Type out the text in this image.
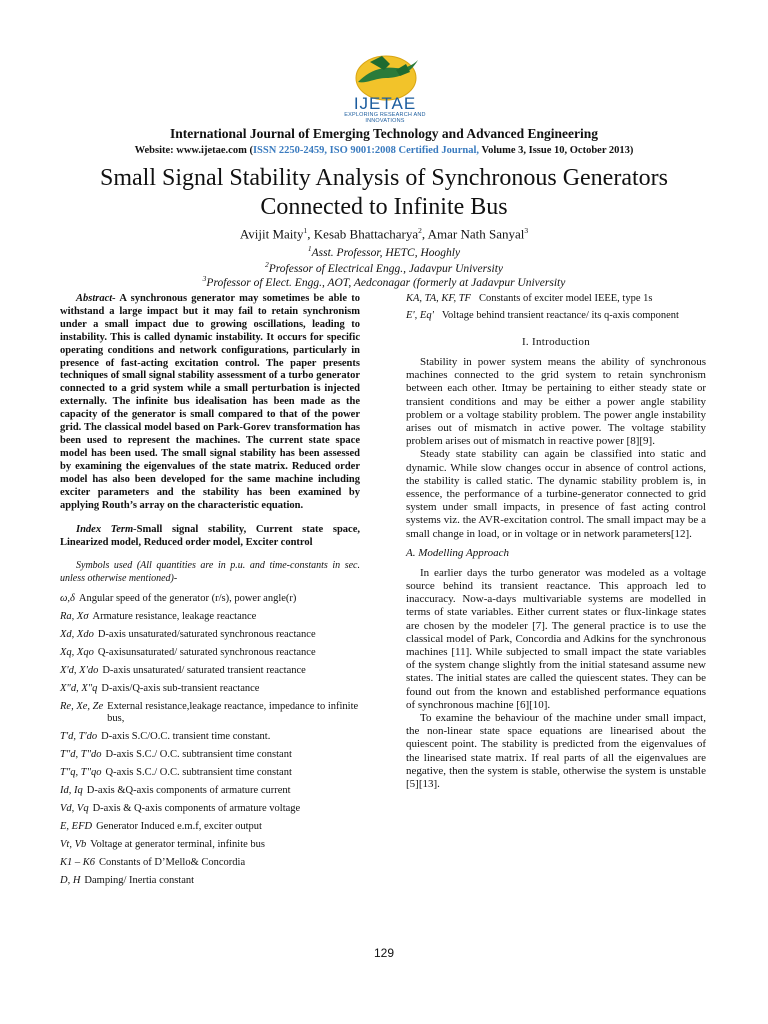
IJETAE
EXPLORING RESEARCH AND INNOVATIONS
International Journal of Emerging Technology and Advanced Engineering
Website: www.ijetae.com (ISSN 2250-2459, ISO 9001:2008 Certified Journal, Volume 3, Issue 10, October 2013)
Small Signal Stability Analysis of Synchronous Generators
Connected to Infinite Bus
Avijit Maity$^1$, Kesab Bhattacharya$^2$, Amar Nath Sanyal$^3$
$^1$Asst. Professor, HETC, Hooghly
$^2$Professor of Electrical Engg., Jadavpur University
$^3$Professor of Elect. Engg., AOT, Aedconagar (formerly at Jadavpur University

Abstract- A synchronous generator may sometimes be able to withstand a large impact but it may fail to retain synchronism under a small impact due to growing oscillations, leading to instability. This is called dynamic instability. It occurs for specific operating conditions and network configurations, particularly in presence of fast-acting excitation control. The paper presents techniques of small signal stability assessment of a turbo generator connected to a grid system while a small perturbation is injected externally. The infinite bus idealisation has been made as the capacity of the generator is small compared to that of the power grid. The classical model based on Park-Gorev transformation has been used to represent the machines. The current state space model has been used. The small signal stability has been assessed by examining the eigenvalues of the state matrix. Reduced order model has also been developed for the same machine including exciter parameters and the stability has been examined by applying Routh’s array on the characteristic equation.

Index Term-Small signal stability, Current state space, Linearized model, Reduced order model, Exciter control

Symbols used (All quantities are in p.u. and time-constants in sec. unless otherwise mentioned)-

ω,δ Angular speed of the generator (r/s), power angle(r)
Ra, Xσ Armature resistance, leakage reactance
Xd, Xdo D-axis unsaturated/saturated synchronous reactance
Xq, Xqo Q-axisunsaturated/ saturated synchronous reactance
X'd, X'do D-axis unsaturated/ saturated transient reactance
X"d, X"q D-axis/Q-axis sub-transient reactance
Re, Xe, Ze External resistance,leakage reactance, impedance to infinite bus,
T'd, T'do D-axis S.C/O.C. transient time constant.
T"d, T"do D-axis S.C./ O.C. subtransient time constant
T"q, T"qo Q-axis S.C./ O.C. subtransient time constant
Id, Iq D-axis &Q-axis components of armature current
Vd, Vq D-axis & Q-axis components of armature voltage
E, EFD Generator Induced e.m.f, exciter output
Vt, Vb Voltage at generator terminal, infinite bus
K1 – K6 Constants of D’Mello& Concordia
D, H Damping/ Inertia constant
KA, TA, KF, TF Constants of exciter model IEEE, type 1s
E', Eq' Voltage behind transient reactance/ its q-axis component
I. Introduction

Stability in power system means the ability of synchronous machines connected to the grid system to retain synchronism between each other. Itmay be pertaining to either steady state or transient conditions and may be either a power angle stability problem or a voltage stability problem. The power angle instability arises out of mismatch in active power. The voltage stability problem arises out of mismatch in reactive power [8][9].

Steady state stability can again be classified into static and dynamic. While slow changes occur in absence of control actions, the stability is called static. The dynamic stability problem is, in essence, the performance of a turbine-generator connected to grid system under small impacts, in presence of fast acting control systems viz. the AVR-excitation control. The small impact may be a small change in load, or in voltage or in network parameters[12].

A. Modelling Approach

In earlier days the turbo generator was modeled as a voltage source behind its transient reactance. This approach led to inaccuracy. Now-a-days multivariable systems are modelled in terms of state variables. Either current states or flux-linkage states are chosen by the modeler [7]. The general practice is to use the classical model of Park, Concordia and Adkins for the synchronous machines [11]. While subjected to small impact the state variables of the system change slightly from the initial statesand assume new states. The initial states are called the quiescent states. They can be found out from the known and established performance equations of synchronous machine [6][10].

To examine the behaviour of the machine under small impact, the non-linear state space equations are linearised about the quiescent point. The stability is predicted from the eigenvalues of the linearised state matrix. If real parts of all the eigenvalues are negative, then the system is stable, otherwise the system is unstable [5][13].

129
